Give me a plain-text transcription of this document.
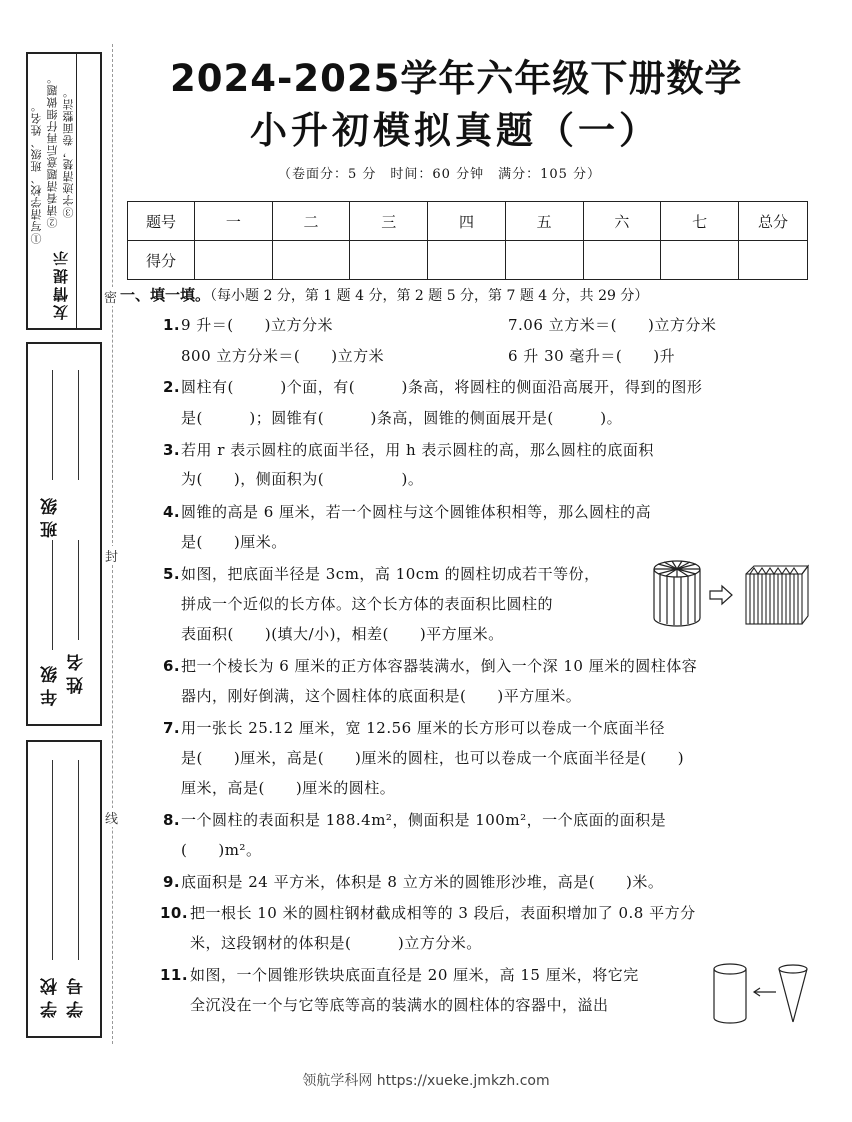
友情提示
①写清学校、班级、姓名。 ②请看清题意后再仔细做题。 ③字迹清楚，卷面整洁。
班级
年级 姓名
学校 学号
密
封
线
2024-2025学年六年级下册数学
小升初模拟真题（一）
（卷面分：5 分　时间：60 分钟　满分：105 分）
题号	一	二	三	四	五	六	七	总分
得分								
一、填一填。（每小题 2 分，第 1 题 4 分，第 2 题 5 分，第 7 题 4 分，共 29 分）
1. 9 升＝(　　)立方分米	7.06 立方米＝(　　)立方分米
800 立方分米＝(　　)立方米	6 升 30 毫升＝(　　)升
2. 圆柱有(　　　)个面，有(　　　)条高，将圆柱的侧面沿高展开，得到的图形
是(　　　)；圆锥有(　　　)条高，圆锥的侧面展开是(　　　)。
3. 若用 r 表示圆柱的底面半径，用 h 表示圆柱的高，那么圆柱的底面积
为(　　)，侧面积为(　　　　　)。
4. 圆锥的高是 6 厘米，若一个圆柱与这个圆锥体积相等，那么圆柱的高
是(　　)厘米。
5. 如图，把底面半径是 3cm，高 10cm 的圆柱切成若干等份，
拼成一个近似的长方体。这个长方体的表面积比圆柱的
表面积(　　)(填大/小)，相差(　　)平方厘米。
6. 把一个棱长为 6 厘米的正方体容器装满水，倒入一个深 10 厘米的圆柱体容
器内，刚好倒满，这个圆柱体的底面积是(　　)平方厘米。
7. 用一张长 25.12 厘米，宽 12.56 厘米的长方形可以卷成一个底面半径
是(　　)厘米，高是(　　)厘米的圆柱，也可以卷成一个底面半径是(　　)
厘米，高是(　　)厘米的圆柱。
8. 一个圆柱的表面积是 188.4m²，侧面积是 100m²，一个底面的面积是
(　　)m²。
9. 底面积是 24 平方米，体积是 8 立方米的圆锥形沙堆，高是(　　)米。
10. 把一根长 10 米的圆柱钢材截成相等的 3 段后，表面积增加了 0.8 平方分
米，这段钢材的体积是(　　　)立方分米。
11. 如图，一个圆锥形铁块底面直径是 20 厘米，高 15 厘米，将它完
全沉没在一个与它等底等高的装满水的圆柱体的容器中，溢出
领航学科网 https://xueke.jmkzh.com
